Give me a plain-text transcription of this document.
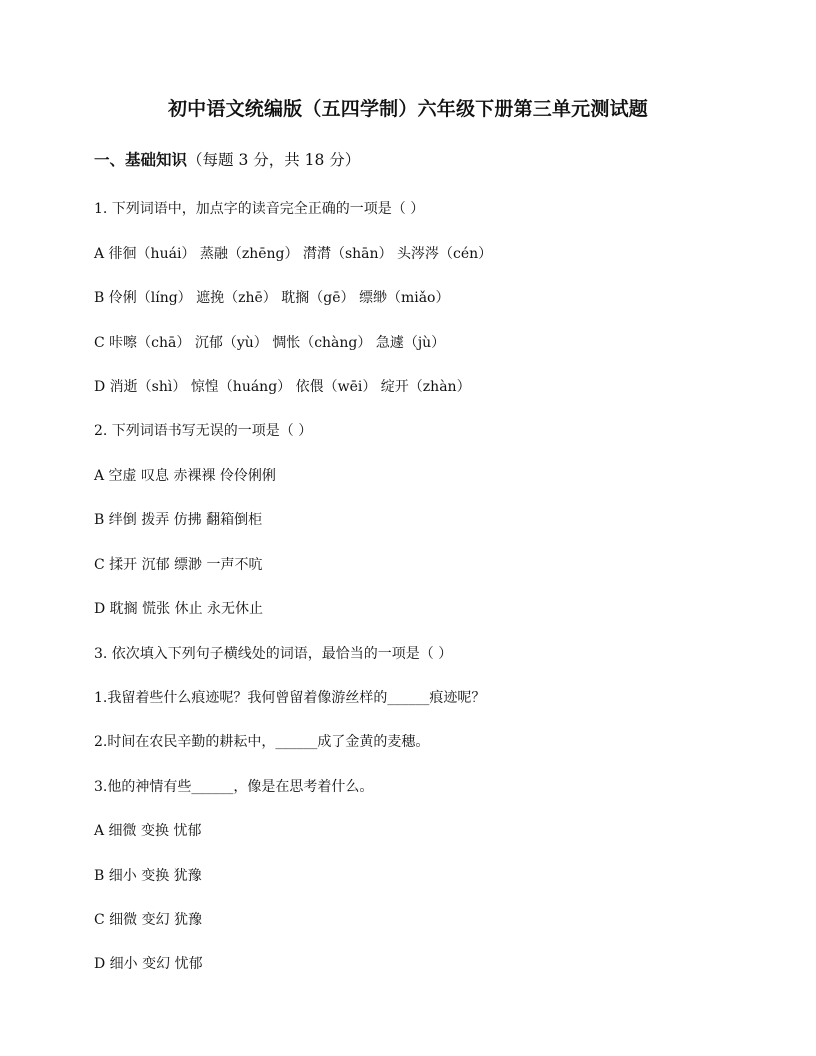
初中语文统编版（五四学制）六年级下册第三单元测试题
一、基础知识（每题 3 分，共 18 分）
1. 下列词语中，加点字的读音完全正确的一项是（ ）
A 徘徊（huái） 蒸融（zhēng） 潸潸（shān） 头涔涔（cén）
B 伶俐（líng） 遮挽（zhē） 耽搁（gē） 缥缈（miǎo）
C 咔嚓（chā） 沉郁（yù） 惆怅（chàng） 急遽（jù）
D 消逝（shì） 惊惶（huáng） 依偎（wēi） 绽开（zhàn）
2. 下列词语书写无误的一项是（ ）
A 空虚 叹息 赤裸裸 伶伶俐俐
B 绊倒 拨弄 仿拂 翻箱倒柜
C 揉开 沉郁 缥渺 一声不吭
D 耽搁 慌张 休止 永无休止
3. 依次填入下列句子横线处的词语，最恰当的一项是（ ）
1.我留着些什么痕迹呢？我何曾留着像游丝样的______痕迹呢？
2.时间在农民辛勤的耕耘中，______成了金黄的麦穗。
3.他的神情有些______，像是在思考着什么。
A 细微 变换 忧郁
B 细小 变换 犹豫
C 细微 变幻 犹豫
D 细小 变幻 忧郁
